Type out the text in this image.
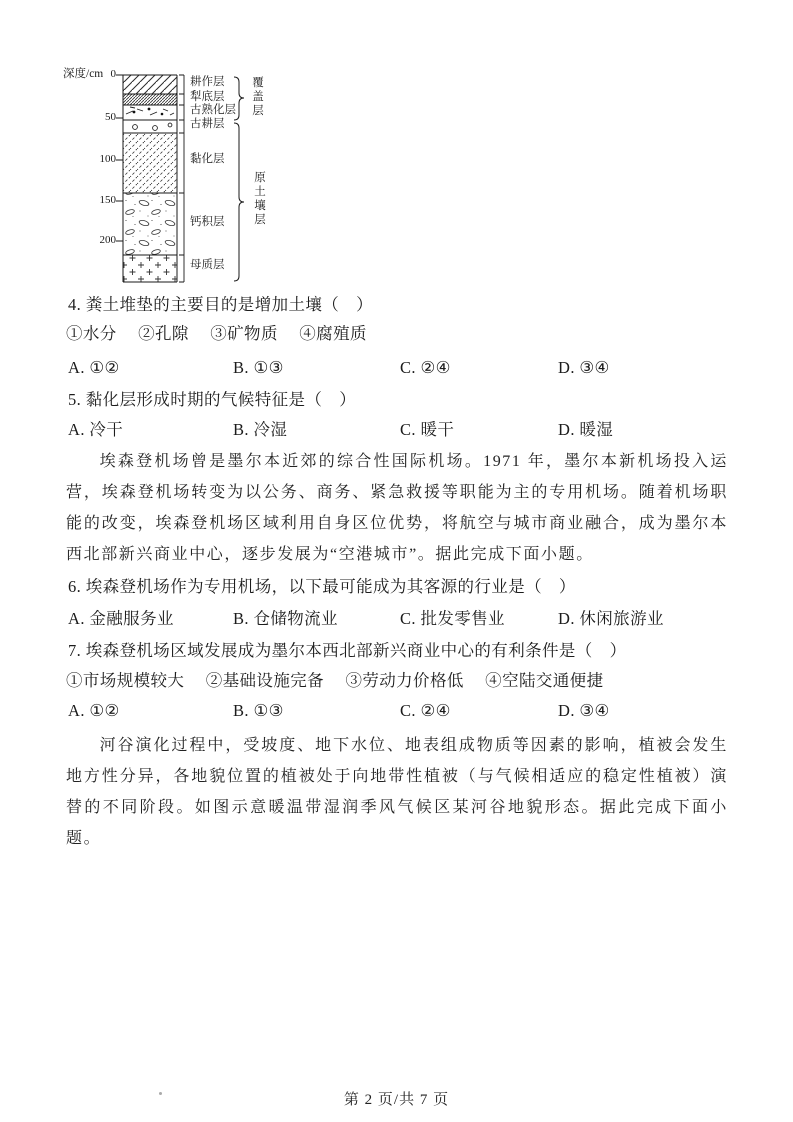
深度/cm 0
50
100
150
200
耕作层
犁底层
古熟化层
古耕层
黏化层
钙积层
母质层
覆盖层
原土壤层
4. 粪土堆垫的主要目的是增加土壤（　）
①水分　 ②孔隙　 ③矿物质　 ④腐殖质
A. ①②	B. ①③	C. ②④	D. ③④
5. 黏化层形成时期的气候特征是（　）
A. 冷干	B. 冷湿	C. 暖干	D. 暖湿
埃森登机场曾是墨尔本近郊的综合性国际机场。1971 年，墨尔本新机场投入运营，埃森登机场转变为以公务、商务、紧急救援等职能为主的专用机场。随着机场职能的改变，埃森登机场区域利用自身区位优势，将航空与城市商业融合，成为墨尔本西北部新兴商业中心，逐步发展为“空港城市”。据此完成下面小题。
6. 埃森登机场作为专用机场，以下最可能成为其客源的行业是（　）
A. 金融服务业	B. 仓储物流业	C. 批发零售业	D. 休闲旅游业
7. 埃森登机场区域发展成为墨尔本西北部新兴商业中心的有利条件是（　）
①市场规模较大　 ②基础设施完备　 ③劳动力价格低　 ④空陆交通便捷
A. ①②	B. ①③	C. ②④	D. ③④
河谷演化过程中，受坡度、地下水位、地表组成物质等因素的影响，植被会发生地方性分异，各地貌位置的植被处于向地带性植被（与气候相适应的稳定性植被）演替的不同阶段。如图示意暖温带湿润季风气候区某河谷地貌形态。据此完成下面小题。
第 2 页/共 7 页
